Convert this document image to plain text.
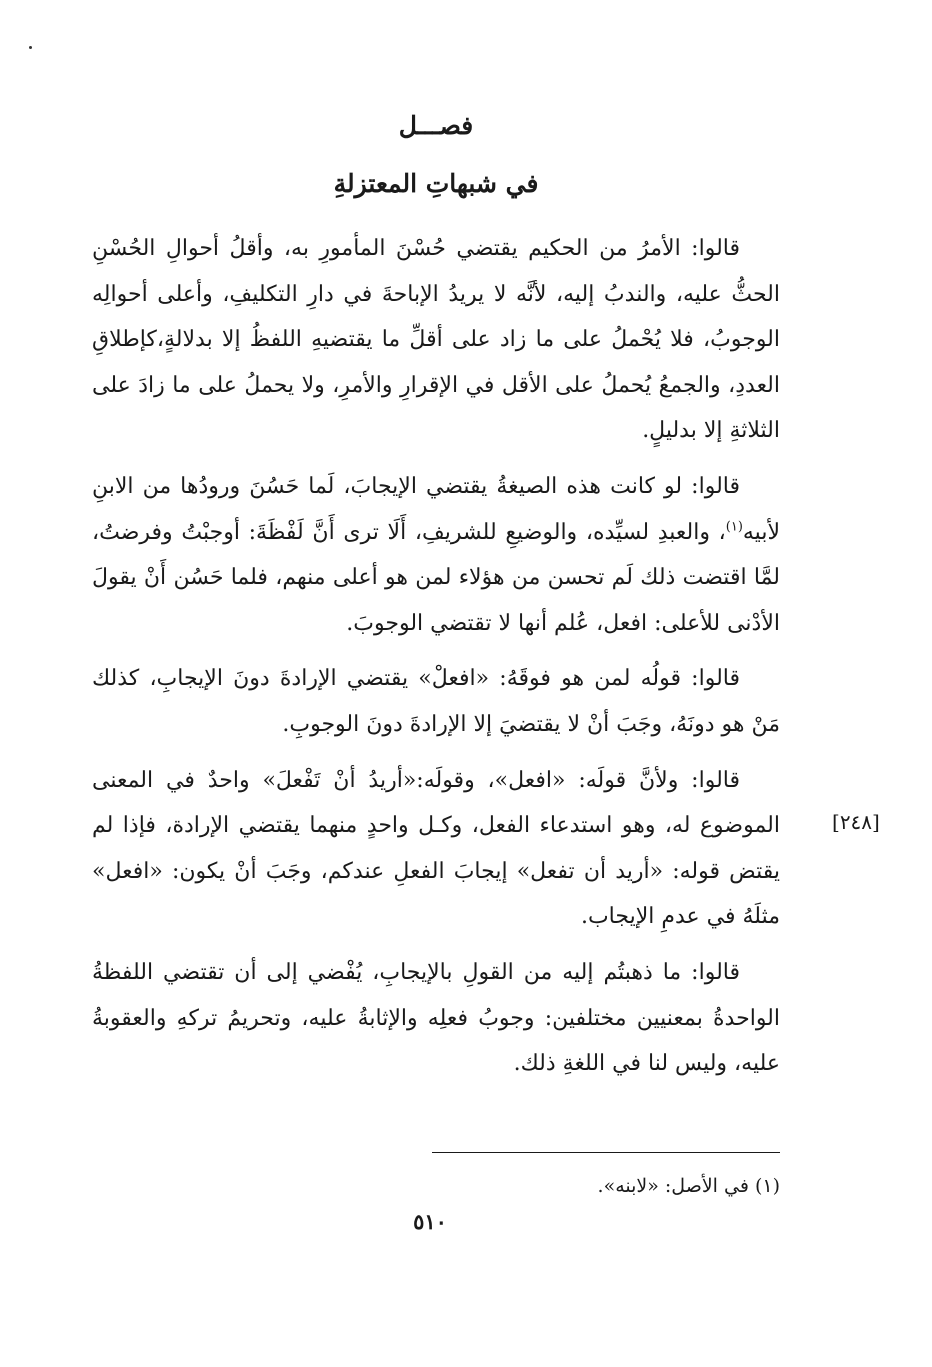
فصـــل
في شبهاتِ المعتزلةِ

قالوا: الأمرُ من الحكيم يقتضي حُسْنَ المأمورِ به، وأقلُ أحوالِ الحُسْنِ الحثُّ عليه، والندبُ إليه، لأنَّه لا يريدُ الإباحةَ في دارِ التكليفِ، وأعلى أحوالِه الوجوبُ، فلا يُحْملُ على ما زاد على أقلِّ ما يقتضيهِ اللفظُ إلا بدلالةٍ،كإطلاقِ العددِ، والجمعُ يُحملُ على الأقل في الإقرارِ والأمرِ، ولا يحملُ على ما زادَ على الثلاثةِ إلا بدليلٍ.

قالوا: لو كانت هذه الصيغةُ يقتضي الإيجابَ، لَما حَسُنَ ورودُها من الابنِ لأبيه$^{(١)}$، والعبدِ لسيِّده، والوضيعِ للشريفِ، أَلَا ترى أَنَّ لَفْظَةَ: أوجبْتُ وفرضتُ، لمَّا اقتضت ذلك لَم تحسن من هؤلاء لمن هو أعلى منهم، فلما حَسُن أَنْ يقولَ الأدْنى للأعلى: افعل، عُلم أنها لا تقتضي الوجوبَ.

قالوا: قولُه لمن هو فوقَهُ: «افعلْ» يقتضي الإرادةَ دونَ الإيجابِ، كذلك مَنْ هو دونَهُ، وجَبَ أنْ لا يقتضيَ إلا الإرادةَ دونَ الوجوبِ.

قالوا: ولأنَّ قولَه: «افعل»، وقولَه:«أريدُ أنْ تَفْعلَ» واحدٌ في المعنى الموضوع له، وهو استدعاء الفعل، وكـل واحدٍ منهما يقتضي الإرادة، فإذا لم يقتض قوله: «أريد أن تفعل» إيجابَ الفعلِ عندكم، وجَبَ أنْ يكون: «افعل» مثلَهُ في عدمِ الإيجاب.

قالوا: ما ذهبتُم إليه من القولِ بالإيجابِ، يُفْضي إلى أن تقتضي اللفظةُ الواحدةُ بمعنيين مختلفين: وجوبُ فعلِه والإثابةُ عليه، وتحريمُ تركهِ والعقوبةُ عليه، وليس لنا في اللغةِ ذلك.

[٢٤٨]

(١) في الأصل: «لابنه».

٥١٠
